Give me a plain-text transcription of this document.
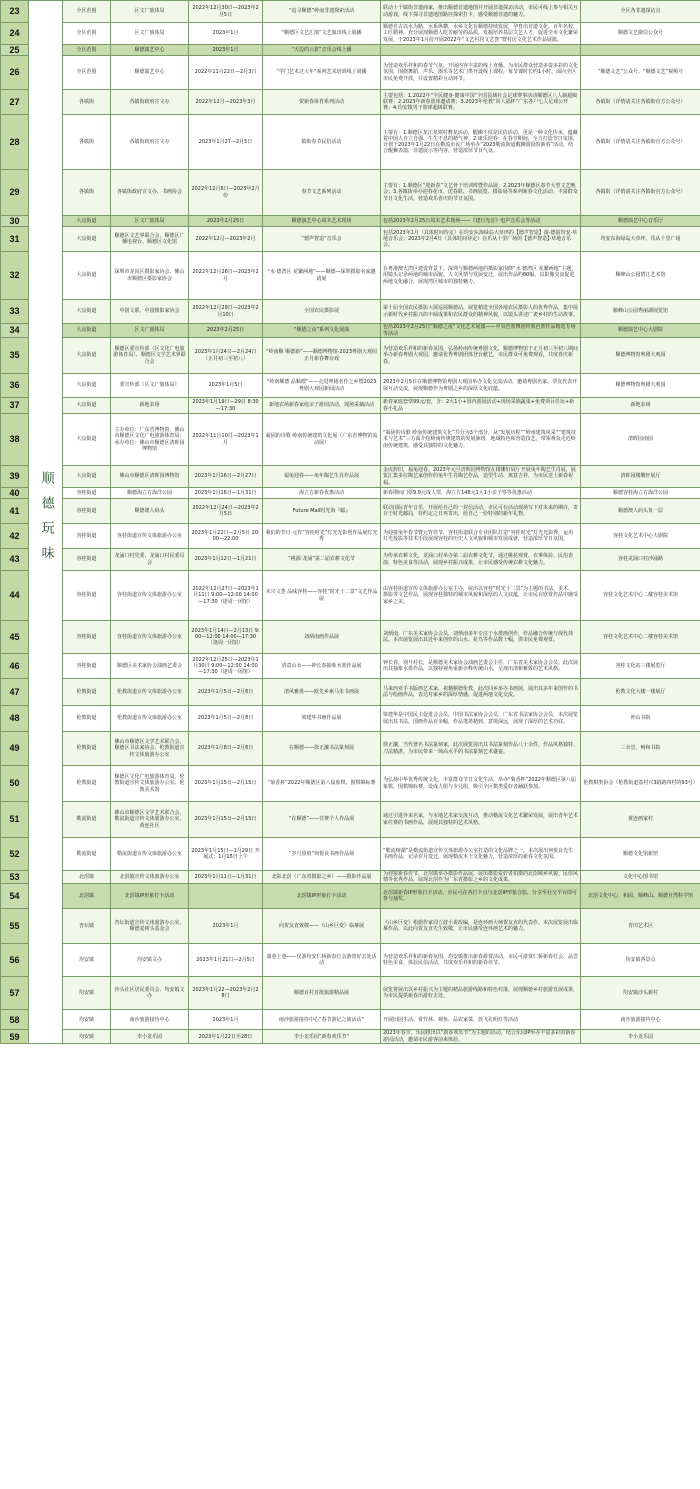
23	顺德玩味	全区范围	区文广旅体局	2022年12月30日—2023年2月5日	“追寻顺德”岭南非遗探索活动	联动十个镇街非遗商家，推出顺德非遗地图并开展非遗探访活动，市民可线上参与相关互动游戏，线下探寻非遗地图路径探索打卡，感受顺德非遗的魅力。	全区各非遗探访点
24		全区范围	区文广旅体局	2023年1月	“顺德区文艺汇演”文艺演出线上展播	顺德自古以水为路，水系纵横，水乡文化在顺德持续发展，孕育出非遗文化、百年名校、工匠精神，充分展现顺德人吃苦耐劳的品质，发掘培养基层文艺人才，促进全市文化繁荣发展，于2023年1月份开展2022年“文艺村居文艺荟”暨村居文化艺术作品展演。	顺德文艺微信公众号
25		全区范围	顺德演艺中心	2023年1月	“天边的云裳”音乐会线上播		
26		全区范围	顺德演艺中心	2022年11月22日—2月3日	“学门艺术过大年”系列艺术培训线上展播	为营造欢乐祥和的春节气氛，开展内容丰富的线上直播。为市民群众营造多姿多彩的文化氛围，围绕舞蹈、声乐、器乐等艺术门类开设线上课程，每节课时长约1小时，面向全区市民免费开放，并设置精彩互动环节。	“顺德文艺”公众号、“顺德文艺”视频号
27		各镇街	各镇街政府宣文办	2022年12月—2023年3月	贺新春体育系列活动	主要包括：1.2022年“全民健身·健康中国”全国县域社会足球赛事活动顺德区八人制超级联赛；2.2023年新春篮球邀请赛；3.2023年伦教“同人福杯”广东各户七人足球公开赛；4.均安镇男子篮球超级联赛。	各镇街（详情请关注各镇街官方公众号）
28		各镇街	各镇街政府宣文办	2023年1月27—2月5日	镇街春节民俗活动	主要有：1.顺德区龙江龙潭村舞龙活动，醒狮不仅是民俗活动，更是一种文化传承，蕴藏着中国人自立自强、生生不息的精气神。2.康乐迎春：在春节期间，全力打造节日氛围，计划于2023年1月22日在勒流市民广场举办“2023勒流街道醒狮游园贺新春”活动，结合醒狮表演、非遗展示等内容，营造浓厚节日气氛。	各镇街（详情请关注各镇街官方公众号）
29		各镇街	各镇街政府宣文办、书画协会	2022年12月6日—2023年2月份	春节文艺系列活动	主要有：1.顺德区“迎新春”文艺骨干培训班暨作品展；2.2023年顺德区春节大型文艺晚会；3.各镇街举办迎春花市、送春联、书画展览、摄影展等系列新春文化活动，丰富群众节日文化生活，营造欢乐喜庆的节日氛围。	各镇街（详情请关注各镇街官方公众号）
30		大良街道	区文广旅体局	2023年2月25日	顺德演艺中心周末艺术现场	包括2023年2月25日周末艺术现场——《建行光音》电声音乐会等活动	顺德演艺中心音乐厅
31		大良街道	顺德区文艺界联合会、顺德区广播电视台、顺德区文化馆	2022年12月—2023年2月	“德声智造”音乐会	包括2023年1月（具体时间待定）在均安东海绿岛大草坪的【德声智造】游·德韵均安·草地音乐会；2023年2月4日（具体时间待定）在乐从十里广场的【德声智造】·草地音乐会。	均安东海绿岛大草坪、乐从十里广场
32		大良街道	深圳市龙岗区摄影家协会、佛山市顺德区摄影家协会	2022年12月26日—2023年2月	“水·德湾区 花繁两地”——顺德—深圳摄影名家邀请展	在粤港澳大湾区建设背景下，深圳与顺德两地的摄影家围绕“水·德湾区 花繁两地”主题，用镜头记录两地的城市面貌、人文风情与发展变迁，展出作品约80幅，以影像交流促进两地文化融合，展现湾区城市的独特魅力。	顺峰山公园碧江艺术馆
33		大良街道	中国文联、中国摄影家协会	2022年12月29日—2023年2月10日	全国农民摄影展	第十届全国农民摄影大展巡展顺德站，展览精选全国各地农民摄影人的优秀作品，集中展示新时代乡村振兴的丰硕成果和农民群众的精神风貌，以镜头讲述广袤乡村的生动故事。	顺峰山公园秀丽湖展览馆
34		大良街道	区文广旅体局	2023年2月25日	“顺德之夜”系列文化展演	包括2023年2月25日“顺德之夜”文化艺术展演——中央芭蕾舞团经典芭蕾作品精选专场等活动	顺德演艺中心大剧院
35		大良街道	顺德区委宣传部（区文化广电旅游体育局）、顺德区文学艺术界联合会	2023年1月24日—2月24日（正月初三至初八）	“岭南顺 顺德新”——顺德博物馆·2023粤剧大观园正月新春舞台戏	为营造欢乐祥和的新春氛围，弘扬岭南传统粤剧文化，顺德博物馆于正月初三至初八期间举办新春粤剧大观园，邀请优秀粤剧团体登台献艺，市民群众可免费观看，共度喜庆新春。	顺德博物馆粤剧大观园
36		大良街道	委宣传部（区文广旅体局）	2023年1月5日	“岭南顺德 品顺德”——走进粤剧名作之乡暨2023粤剧大观园新闻活动	2023年2月5日在顺德博物馆粤剧大观园举办文化交流活动，邀请粤剧名家、票友代表开展互动交流，展现顺德作为粤剧之乡的深厚文化底蕴。	顺德博物馆粤剧大观园
37		大良街道	新地农场	2023年1月19日—29日 8:30—17:30	新地农场新春家庭亲子游园活动、现场采摘活动	新春家庭套票99元/套，含：2大1小+园内游园活动+现场采摘蔬果+免费项目任玩+新春小礼品	新地农场
38		大良街道	主办单位：广东省博物馆、佛山市顺德区文化广电旅游体育局；承办单位：佛山市顺德区清晖园博物馆	2022年11月10日—2023年1月	凝固的诗歌 岭南传统建筑文化展（广东省博物馆流动展）	“凝固的诗歌 岭南传统建筑文化”共分为3个部分，从“发展历程”“岭南建筑风采”“建筑技术与艺术”三方面介绍岭南传统建筑的发展脉络、地域特色和营造技艺，带领观众走近岭南传统建筑，感受其独特的文化魅力。	清晖园南园
39		大良街道	佛山市顺德区清晖园博物馆	2023年1月16日—2月27日	福兔迎春——兔年陶艺生肖作品展	金虎辞旧，福兔迎春。2023年元旦清晖园博物馆在楼雕轩展厅开展兔年陶艺生肖展，展览汇集多位陶艺家创作的兔年生肖陶艺作品，造型生动、寓意吉祥，为市民送上新春祝福。	清晖园楼雕轩展厅
40		容桂街道	顺德海立方海洋公园	2023年1月16日—1月31日	海立方新春优惠活动	新春期间门票9.9元成人票，海立方148元1大1小亲子票等优惠活动	顺德容桂海立方海洋公园
41		容桂街道	顺德澳人码头	2022年12月24日—2023年2月5日	Future Mail时光海『邮』	联动国际青年音乐，开展给自己的一封信活动，市民可在活动现场写下对未来的期许，寄存于时光邮局，待约定之日再寄出，给自己一份特别的新年礼物。	顺德澳人码头负一层
42		容桂街道	容桂街道宣传文体旅游办公室	2023年1月22日—2月5日 20:00—22:00	我们的节日·元宵“容桂时光”灯光光影创作品展灯光秀	为迎接兔年春节暨元宵佳节，容桂街道联合专业团队打造“容桂时光”灯光光影秀，运用灯光投影等技术手段展现容桂的历史人文风貌和城市发展成就，营造浓厚节日氛围。	容桂文化艺术中心大剧院
43		容桂街道	龙涌口村党委、龙涌口村民委员会	2023年1月12日—1月21日	“桃源·龙涌”第二届农耕文化节	为传承农耕文化，龙涌口村举办第二届农耕文化节，通过桃花观赏、农事体验、民俗表演、特色美食等活动，展现乡村振兴成果，让市民感受传统农耕文化魅力。	容桂龙涌口村沙涌路
44		容桂街道	容桂街道宣传文体旅游办公室	2022年12月27日—2023年1月11日 9:00—12:00 14:00—17:30（逢周一闭馆）	木兴文荟 品味容桂——容桂“时光十二景”文艺作品展	由容桂街道宣传文体旅游办公室主办，展出以容桂“时光十二景”为主题的书法、美术、摄影等文艺作品，展现容桂独特的城市风貌和深厚的人文底蕴，让市民在欣赏作品中感受家乡之美。	容桂文化艺术中心二楼容桂美术馆
45		容桂街道	容桂街道宣传文体旅游办公室	2023年1月14日—2月13日 9:00—12:00 14:00—17:30（逢周一闭馆）	刘炳南画作品展	刘炳南，广东美术家协会会员，刘炳南多年专注于水墨画创作，作品融合传统与现代技法，本次展览展出其近年来创作的山水、花鸟等作品数十幅，供市民免费观赏。	容桂文化艺术中心二楼容桂美术馆
46		容桂街道	顺德区美术家协会油画艺委会	2022年12月25日—2023年1月30日 9:00—12:00 14:00—17:30（逢周一闭馆）	清意山水——钟长春抽象水墨作品展	钟长春，别号村长，是顺德美术家协会油画艺委会主任，广东省美术家协会会员。此次展出其抽象水墨作品，以独特视角重新诠释传统山水，呈现出清新雅致的艺术风格。	容桂文化站三楼展览厅
47		伦教街道	伦教街道宣传文体旅游办公室	2023年1月5日—2月8日	清风雅墨——欧先乡素马朱书画展	马来西亚手书版画艺术家，祖籍顺德伦教，此次回乡举办书画展，展出其多年来创作的书法与绘画作品，表达对家乡的深厚情感，促进两地文化交流。	伦教文化大楼一楼展厅
48		伦教街道	伦教街道宣传文体旅游办公室	2023年1月5日—2月8日	梁建华书画作品展	梁建华是中国民主促进会会员，中国书法家协会会员，广东省书法家协会会员，本次展览展出其书法、国画作品百余幅，作品笔墨精到、意境深远，展现了深厚的艺术功底。	钟山书院
49		伦教街道	佛山市顺德区文学艺术联合会、顺德区书法家协会、伦教街道宣传文体旅游办公室	2023年1月8日—2月8日	在顺德——徐正濂书法篆刻展	徐正濂，当代著名书法篆刻家，此次展览展出其书法篆刻作品八十余件，作品风格独特、刀法精湛，为市民带来一场高水平的书法篆刻艺术盛宴。	三水堂、畅和书院
50		伦教街道	顺德区文化广电旅游体育局、伦教街道宣传文体旅游办公室、伦教美术馆	2023年1月15日—2月15日	“菊香杯”2022年顺德区第八届象棋、围棋锦标赛	为弘扬中华优秀传统文化，丰富群众节日文化生活，举办“菊香杯”2022年顺德区第八届象棋、围棋锦标赛，设成人组与少儿组，吸引全区棋类爱好者踊跃参加。	伦教棋类协会（伦教街道荔村兴3路路四村的93号）
51		勒流街道	佛山市顺德区文学艺术联合会、勒流街道宣传文体旅游办公室、黄连社区	2023年1月15日—2月15日	“在顺德”——任赛个人作品展	通过引进外来名家，与本地艺术家交流互动，推动勒流文化艺术繁荣发展，展出青年艺术家任赛的书画作品，展现其独特的艺术风格。	黄连画家村
52		勒流街道	勒流街道宣传文体旅游办公室	2023年1月15日—1月29日 开展式：1月15日上午	“岁月留痕”何悦良书画作品展	“勒流榕湖”是勒流街道宣传文体旅游办公室打造的文化品牌之一，本次展出何悦良先生书画作品，记录岁月变迁，展现勒流本土文化魅力，营造浓厚的新春文化氛围。	顺德文化馆新馆
53		北滘镇	北滘镇宣传文体旅游办公室	2023年1月11日—1月31日	北影北滘（广东省摄影之乡）——摄影作品展	为迎接新春佳节，北滘镇举办摄影作品展，展出摄影爱好者拍摄的北滘城乡风貌、民俗风情等优秀作品，展现北滘作为广东省摄影之乡的文化成果。	文化中心图书馆
54		北滘镇	北滘镇IP形象打卡活动		北滘镇IP形象打卡活动	北滘镇新春IP形象打卡活动，市民可在各打卡点与北滘IP形象合影，分享至社交平台即可参与抽奖。	北滘文化中心、和园、顺峰山、顺德自然科学馆
55		杏坛镇	杏坛街道宣传文体旅游办公室、顺德麦树头基金会	2023年1月	向贺友直致敬——《山乡巨变》临摹展	《山乡巨变》根据作家周立波小说改编，是连环画大师贺友直的代表作。本次展览展出临摹作品，以此向贺友直先生致敬，让市民感受连环画艺术的魅力。	青田艺术区
56		均安镇	均安镇文办	2023年1月21日—2月5日	蒲巷上巷——仅游均安仁桥新春灯会游赏好去处活动	为营造欢乐祥和的新春氛围，均安镇推出新春游赏活动，市民可游赏仁桥新春灯会、品尝特色美食、体验民俗活动，共度欢乐祥和的新春佳节。	均安镇各景点
57		均安镇	沙头社区居民委员会、均安镇文办	2023年1月22—2023年2月28日	顺德百村首批旅游精品展	展览将展出以乡村振兴为主题的精品旅游线路和特色村落，展现顺德乡村旅游发展成果，为市民提供新春出游好去处。	均安镇沙头新村
58		均安镇	南沙旅游接待中心	2023年1月	南沙旅游接待中心“春节游记之旅活动”	开展旧园生活、赏竹林、观鱼、品农家菜、放飞孔明灯等活动	南沙旅游接待中心
59		均安镇	李小龙乐园	2023年1月22日至28日	李小龙乐园“新春欢乐节”	2023年春节，乐园推出以“新春欢乐节”为主题的活动，结合乐园IP举办丰富多彩的新春游园活动，邀请市民游客前来体验。	李小龙乐园
